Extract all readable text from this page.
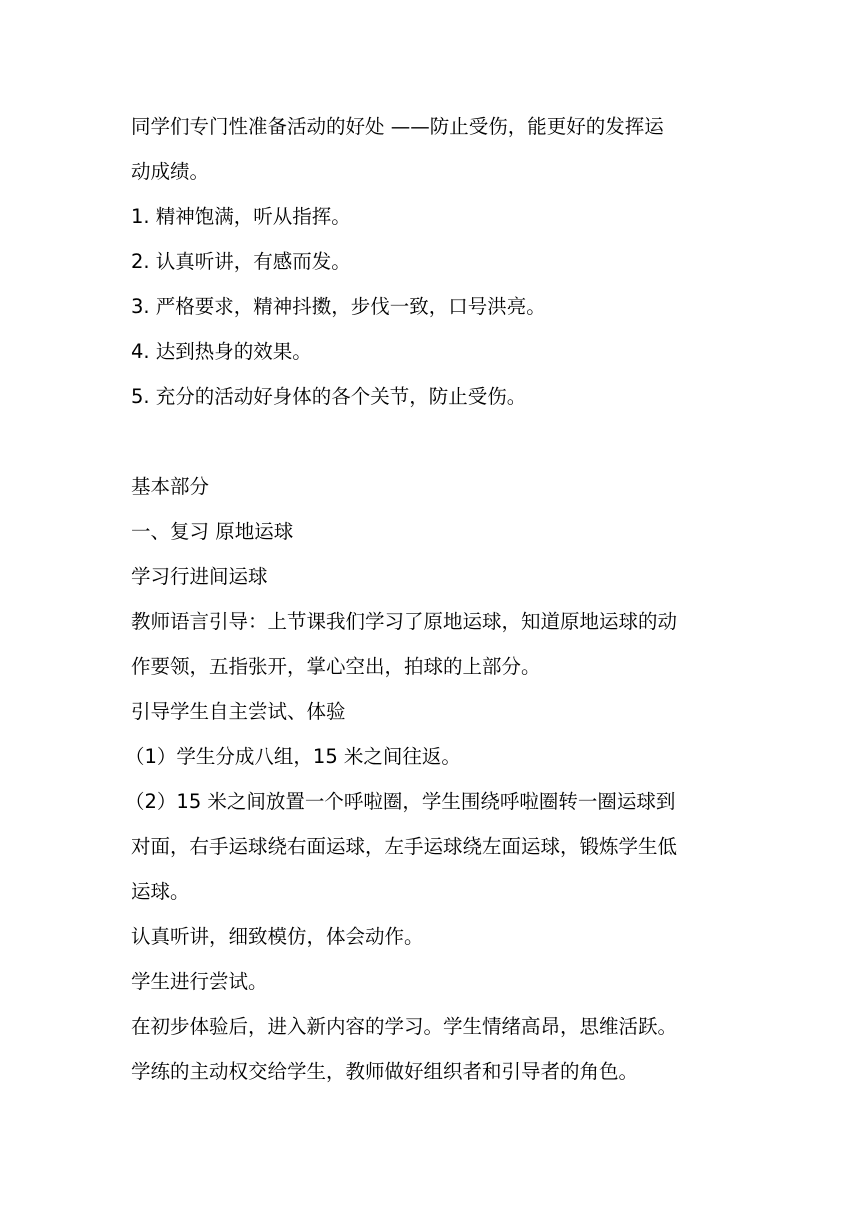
同学们专门性准备活动的好处 ——防止受伤，能更好的发挥运

动成绩。

1. 精神饱满，听从指挥。

2. 认真听讲，有感而发。

3. 严格要求，精神抖擞，步伐一致，口号洪亮。

4. 达到热身的效果。

5. 充分的活动好身体的各个关节，防止受伤。

基本部分

一、复习 原地运球

学习行进间运球

教师语言引导：上节课我们学习了原地运球，知道原地运球的动

作要领，五指张开，掌心空出，拍球的上部分。

引导学生自主尝试、体验

（1）学生分成八组，15 米之间往返。

（2）15 米之间放置一个呼啦圈，学生围绕呼啦圈转一圈运球到

对面，右手运球绕右面运球，左手运球绕左面运球，锻炼学生低

运球。

认真听讲，细致模仿，体会动作。

学生进行尝试。

在初步体验后，进入新内容的学习。学生情绪高昂，思维活跃。

学练的主动权交给学生，教师做好组织者和引导者的角色。
